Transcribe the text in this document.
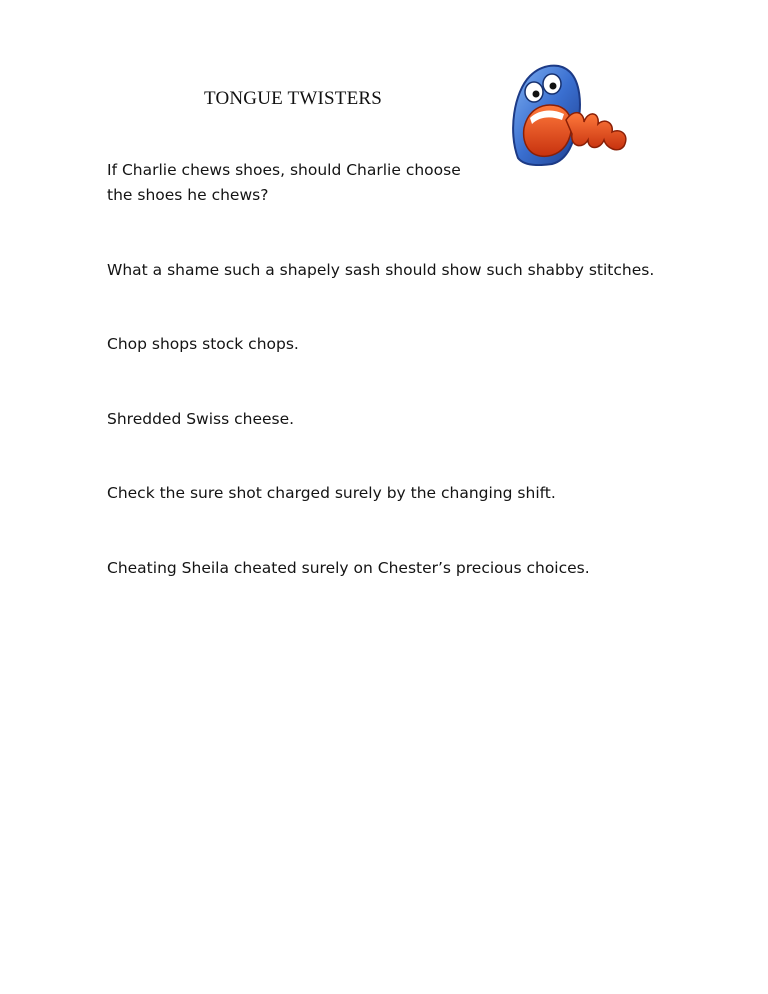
TONGUE TWISTERS

If Charlie chews shoes, should Charlie choose the shoes he chews?

What a shame such a shapely sash should show such shabby stitches.

Chop shops stock chops.

Shredded Swiss cheese.

Check the sure shot charged surely by the changing shift.

Cheating Sheila cheated surely on Chester’s precious choices.
